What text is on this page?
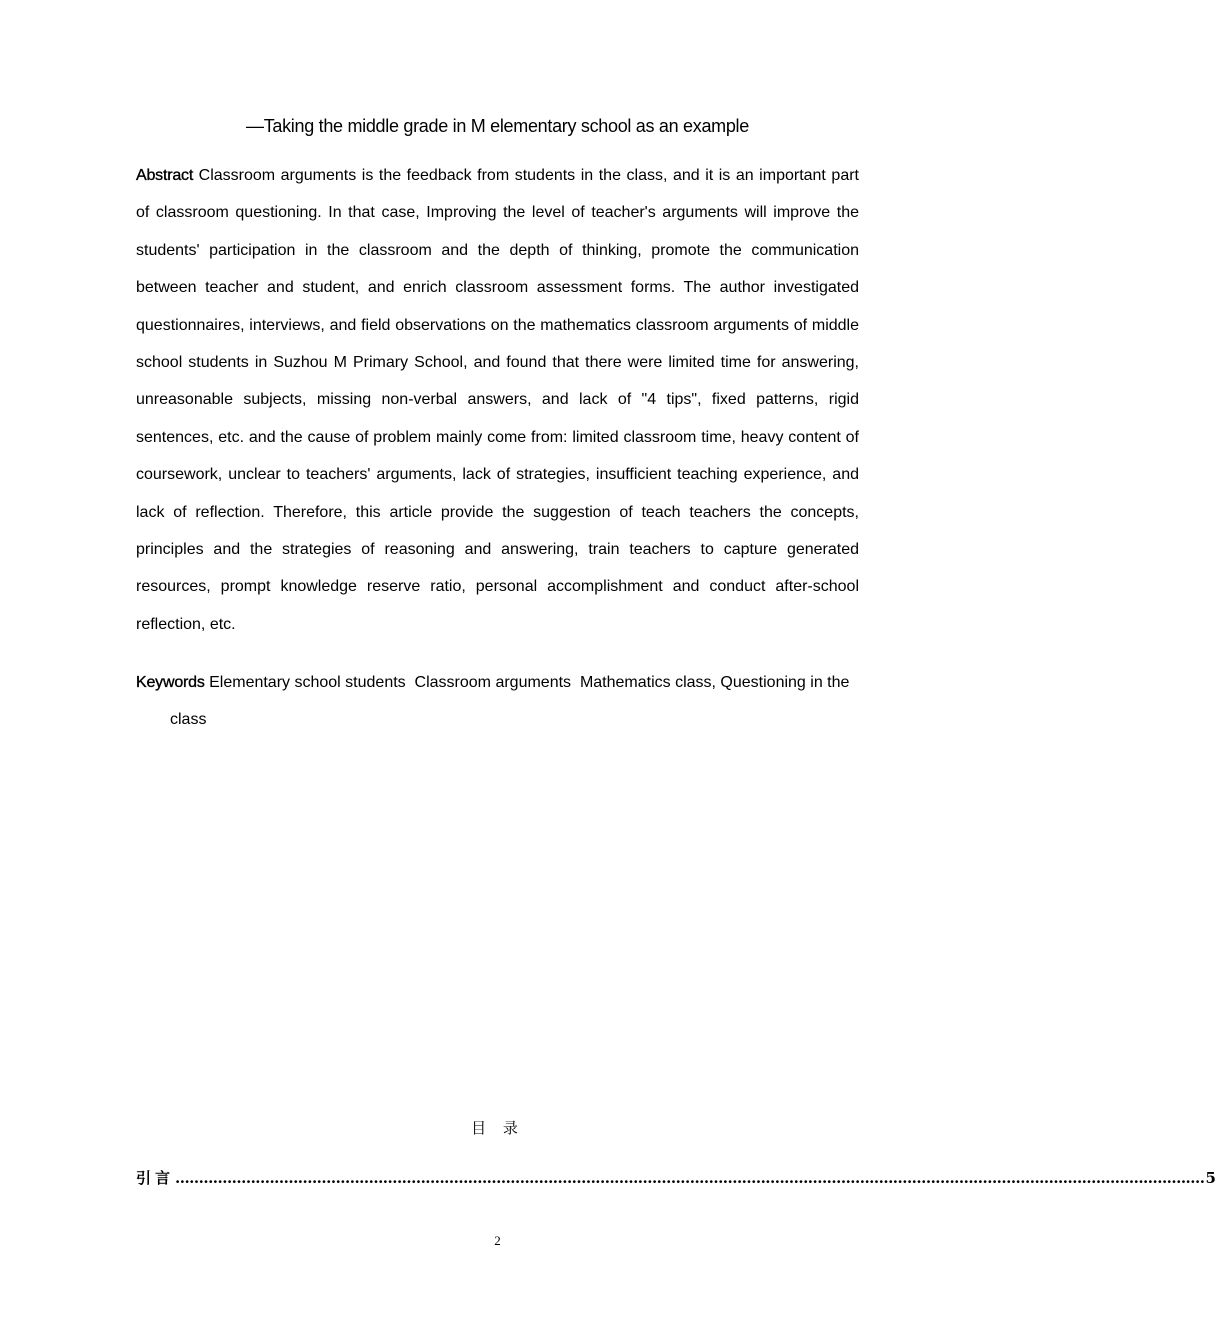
—Taking the middle grade in M elementary school as an example

Abstract Classroom arguments is the feedback from students in the class, and it is an important part of classroom questioning. In that case, Improving the level of teacher's arguments will improve the students' participation in the classroom and the depth of thinking, promote the communication between teacher and student, and enrich classroom assessment forms. The author investigated questionnaires, interviews, and field observations on the mathematics classroom arguments of middle school students in Suzhou M Primary School, and found that there were limited time for answering, unreasonable subjects, missing non-verbal answers, and lack of "4 tips", fixed patterns, rigid sentences, etc. and the cause of problem mainly come from: limited classroom time, heavy content of coursework, unclear to teachers' arguments, lack of strategies, insufficient teaching experience, and lack of reflection. Therefore, this article provide the suggestion of teach teachers the concepts, principles and the strategies of reasoning and answering, train teachers to capture generated resources, prompt knowledge reserve ratio, personal accomplishment and conduct after-school reflection, etc.

Keywords Elementary school students Classroom arguments Mathematics class, Questioning in the class

目 录
引言 .......................................................................................................................................................................................................................... 5
2
